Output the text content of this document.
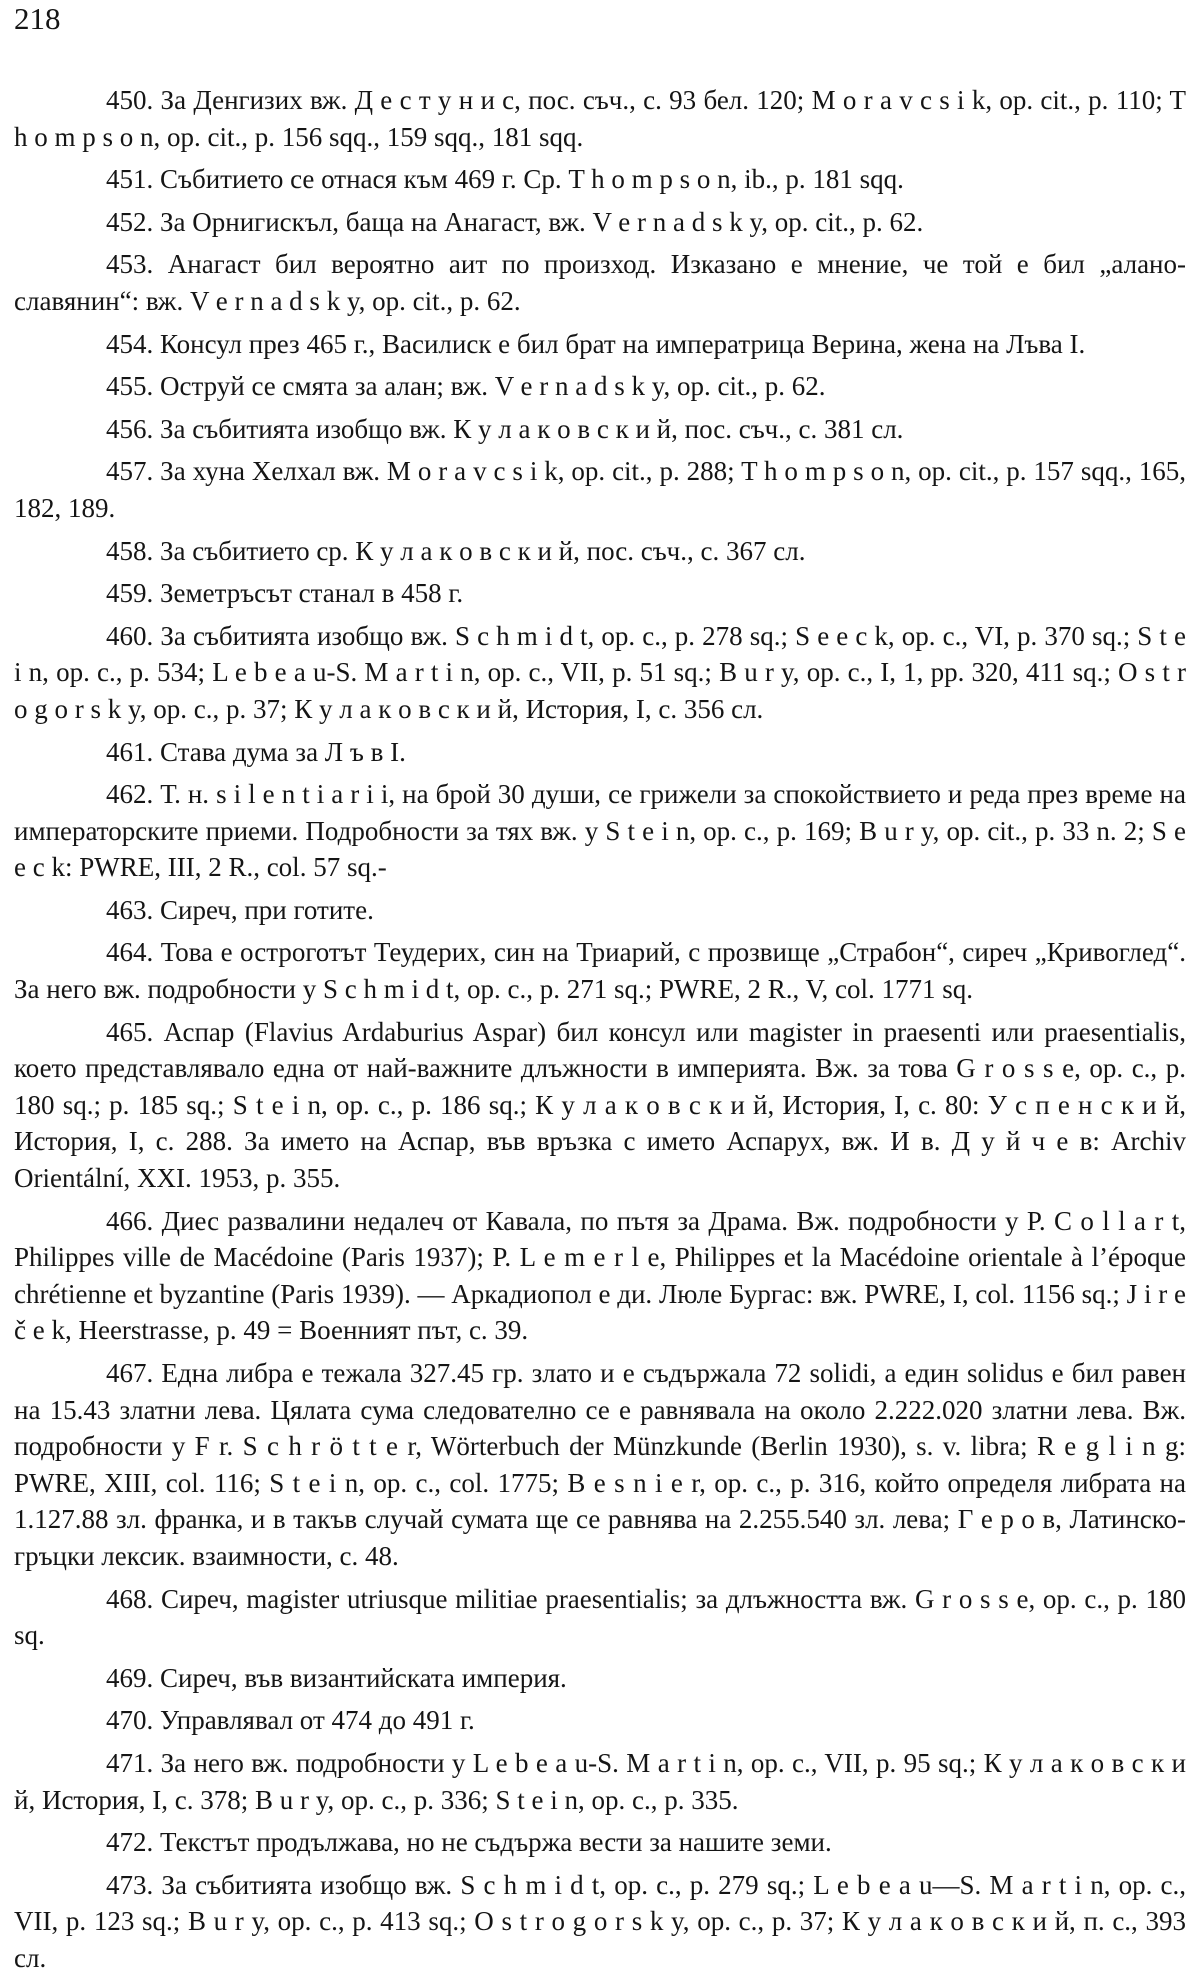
218

450. За Денгизих вж. Д е с т у н и с, пос. съч., с. 93 бел. 120; M o r a v c s i k, op. cit., p. 110; T h o m p s o n, op. cit., p. 156 sqq., 159 sqq., 181 sqq.

451. Събитието се отнася към 469 г. Ср. T h o m p s o n, ib., p. 181 sqq.

452. За Орнигискъл, баща на Анагаст, вж. V e r n a d s k y, op. cit., p. 62.

453. Анагаст бил вероятно аит по произход. Изказано е мнение, че той е бил „алано-славянин“: вж. V e r n a d s k y, op. cit., p. 62.

454. Консул през 465 г., Василиск е бил брат на императрица Верина, жена на Лъва I.

455. Оструй се смята за алан; вж. V e r n a d s k y, op. cit., p. 62.

456. За събитията изобщо вж. К у л а к о в с к и й, пос. съч., с. 381 сл.

457. За хуна Хелхал вж. M o r a v c s i k, op. cit., p. 288; T h o m p s o n, op. cit., p. 157 sqq., 165, 182, 189.

458. За събитието ср. К у л а к о в с к и й, пос. съч., с. 367 сл.

459. Земетръсът станал в 458 г.

460. За събитията изобщо вж. S c h m i d t, op. c., p. 278 sq.; S e e c k, op. c., VI, p. 370 sq.; S t e i n, op. c., p. 534; L e b e a u-S. M a r t i n, op. c., VII, p. 51 sq.; B u r y, op. c., I, 1, pp. 320, 411 sq.; O s t r o g o r s k y, op. c., p. 37; К у л а к о в с к и й, История, I, с. 356 сл.

461. Става дума за Л ъ в I.

462. Т. н. s i l e n t i a r i i, на брой 30 души, се грижели за спокойствието и реда през време на императорските приеми. Подробности за тях вж. у S t e i n, op. c., p. 169; B u r y, op. cit., p. 33 n. 2; S e e c k: PWRE, III, 2 R., col. 57 sq.-

463. Сиреч, при готите.

464. Това е остроготът Теудерих, син на Триарий, с прозвище „Страбон“, сиреч „Кривоглед“. За него вж. подробности у S c h m i d t, op. c., p. 271 sq.; PWRE, 2 R., V, col. 1771 sq.

465. Аспар (Flavius Ardaburius Aspar) бил консул или magister in praesenti или praesentialis, което представлявало една от най-важните длъжности в империята. Вж. за това G r o s s e, op. c., p. 180 sq.; p. 185 sq.; S t e i n, op. c., p. 186 sq.; К у л а к о в с к и й, История, I, с. 80: У с п е н с к и й, История, I, с. 288. За името на Аспар, във връзка с името Аспарух, вж. И в. Д у й ч е в: Archiv Orientální, XXI. 1953, p. 355.

466. Диес развалини недалеч от Кавала, по пътя за Драма. Вж. подробности у P. C o l l a r t, Philippes ville de Macédoine (Paris 1937); P. L e m e r l e, Philippes et la Macédoine orientale à l’époque chrétienne et byzantine (Paris 1939). — Аркадиопол е ди. Люле Бургас: вж. PWRE, I, col. 1156 sq.; J i r e č e k, Heerstrasse, p. 49 = Военният път, с. 39.

467. Една либра е тежала 327.45 гр. злато и е съдържала 72 solidi, а един solidus е бил равен на 15.43 златни лева. Цялата сума следователно се е равнявала на около 2.222.020 златни лева. Вж. подробности у F r. S c h r ö t t e r, Wörterbuch der Münzkunde (Berlin 1930), s. v. libra; R e g l i n g: PWRE, XIII, col. 116; S t e i n, op. c., col. 1775; B e s n i e r, op. c., p. 316, който определя либрата на 1.127.88 зл. франка, и в такъв случай сумата ще се равнява на 2.255.540 зл. лева; Г е р о в, Латинско-гръцки лексик. взаимности, с. 48.

468. Сиреч, magister utriusque militiae praesentialis; за длъжността вж. G r o s s e, op. c., p. 180 sq.

469. Сиреч, във византийската империя.

470. Управлявал от 474 до 491 г.

471. За него вж. подробности у L e b e a u-S. M a r t i n, op. c., VII, p. 95 sq.; К у л а к о в с к и й, История, I, с. 378; B u r y, op. c., p. 336; S t e i n, op. c., p. 335.

472. Текстът продължава, но не съдържа вести за нашите земи.

473. За събитията изобщо вж. S c h m i d t, op. c., p. 279 sq.; L e b e a u—S. M a r t i n, op. c., VII, p. 123 sq.; B u r y, op. c., p. 413 sq.; O s t r o g o r s k y, op. c., p. 37; К у л а к о в с к и й, п. с., 393 сл.
